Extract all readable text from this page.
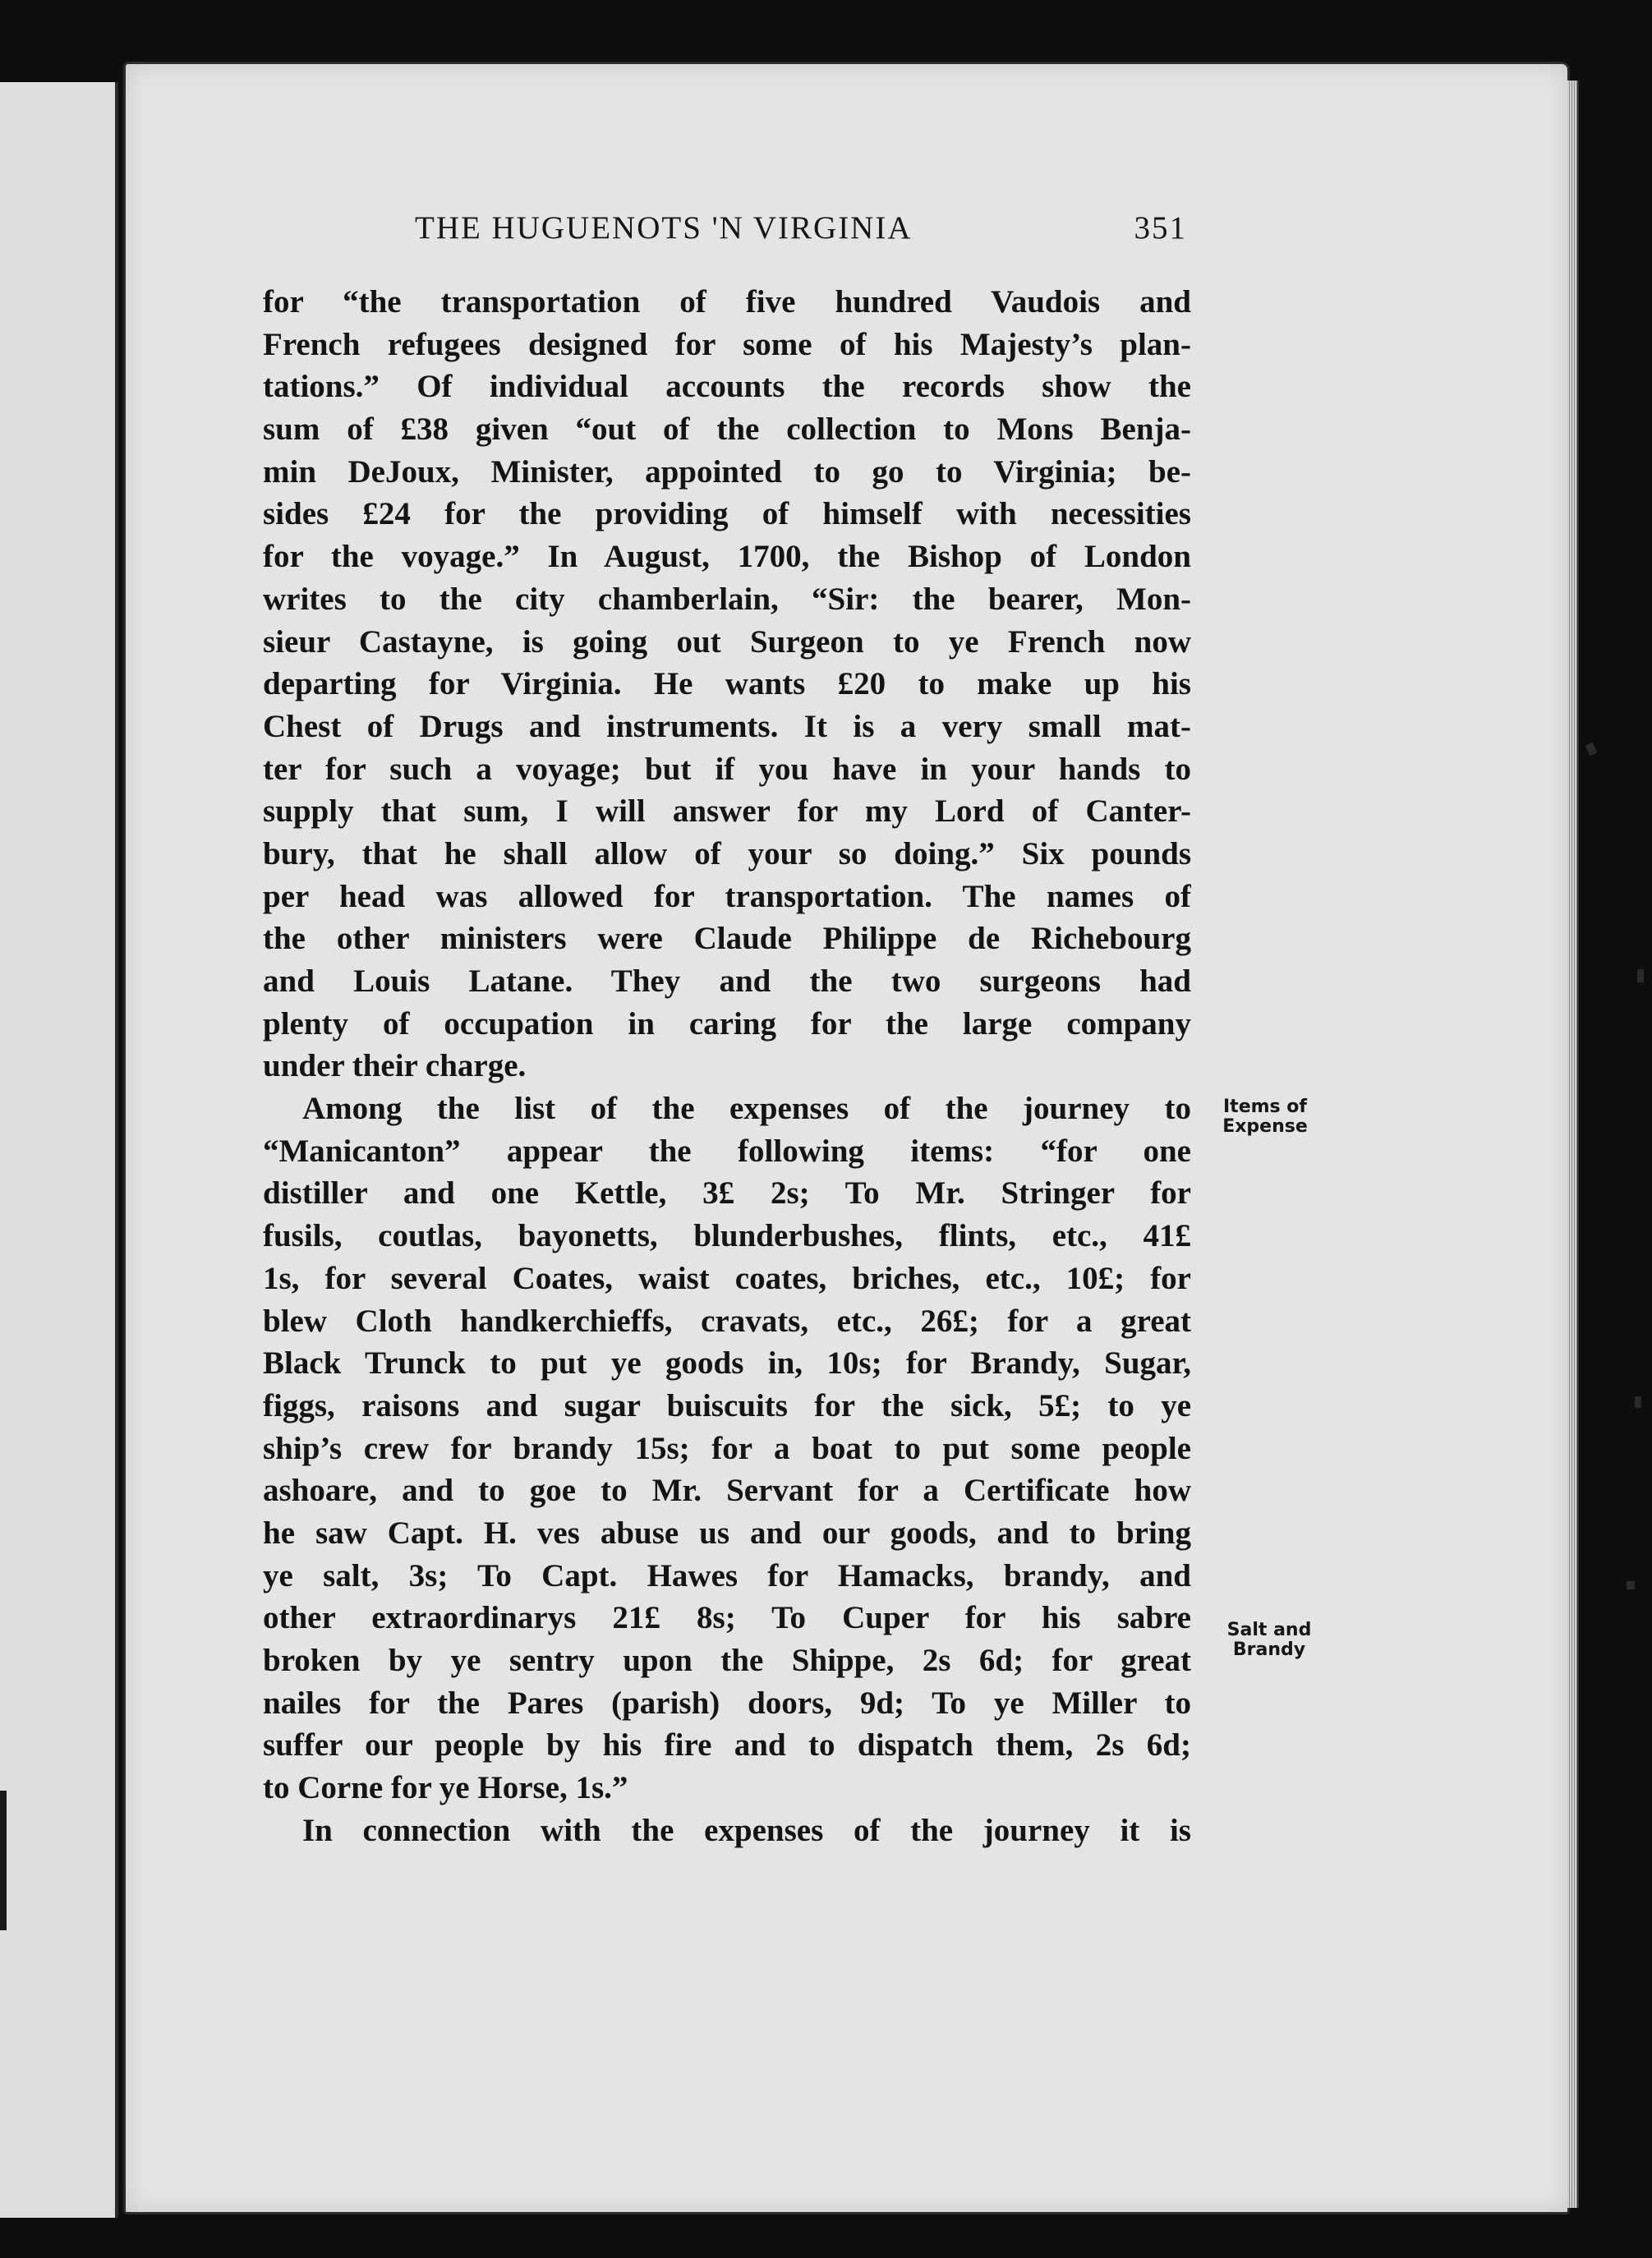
THE HUGUENOTS 'N VIRGINIA	351
for “the transportation of five hundred Vaudois and
French refugees designed for some of his Majesty’s plan-
tations.” Of individual accounts the records show the
sum of £38 given “out of the collection to Mons Benja-
min DeJoux, Minister, appointed to go to Virginia; be-
sides £24 for the providing of himself with necessities
for the voyage.” In August, 1700, the Bishop of London
writes to the city chamberlain, “Sir: the bearer, Mon-
sieur Castayne, is going out Surgeon to ye French now
departing for Virginia. He wants £20 to make up his
Chest of Drugs and instruments. It is a very small mat-
ter for such a voyage; but if you have in your hands to
supply that sum, I will answer for my Lord of Canter-
bury, that he shall allow of your so doing.” Six pounds
per head was allowed for transportation. The names of
the other ministers were Claude Philippe de Richebourg
and Louis Latane. They and the two surgeons had
plenty of occupation in caring for the large company
under their charge.
Among the list of the expenses of the journey to
“Manicanton” appear the following items: “for one
distiller and one Kettle, 3£ 2s; To Mr. Stringer for
fusils, coutlas, bayonetts, blunderbushes, flints, etc., 41£
1s, for several Coates, waist coates, briches, etc., 10£; for
blew Cloth handkerchieffs, cravats, etc., 26£; for a great
Black Trunck to put ye goods in, 10s; for Brandy, Sugar,
figgs, raisons and sugar buiscuits for the sick, 5£; to ye
ship’s crew for brandy 15s; for a boat to put some people
ashoare, and to goe to Mr. Servant for a Certificate how
he saw Capt. H. ves abuse us and our goods, and to bring
ye salt, 3s; To Capt. Hawes for Hamacks, brandy, and
other extraordinarys 21£ 8s; To Cuper for his sabre
broken by ye sentry upon the Shippe, 2s 6d; for great
nailes for the Pares (parish) doors, 9d; To ye Miller to
suffer our people by his fire and to dispatch them, 2s 6d;
to Corne for ye Horse, 1s.”
In connection with the expenses of the journey it is
Items of
Expense
Salt and
Brandy
